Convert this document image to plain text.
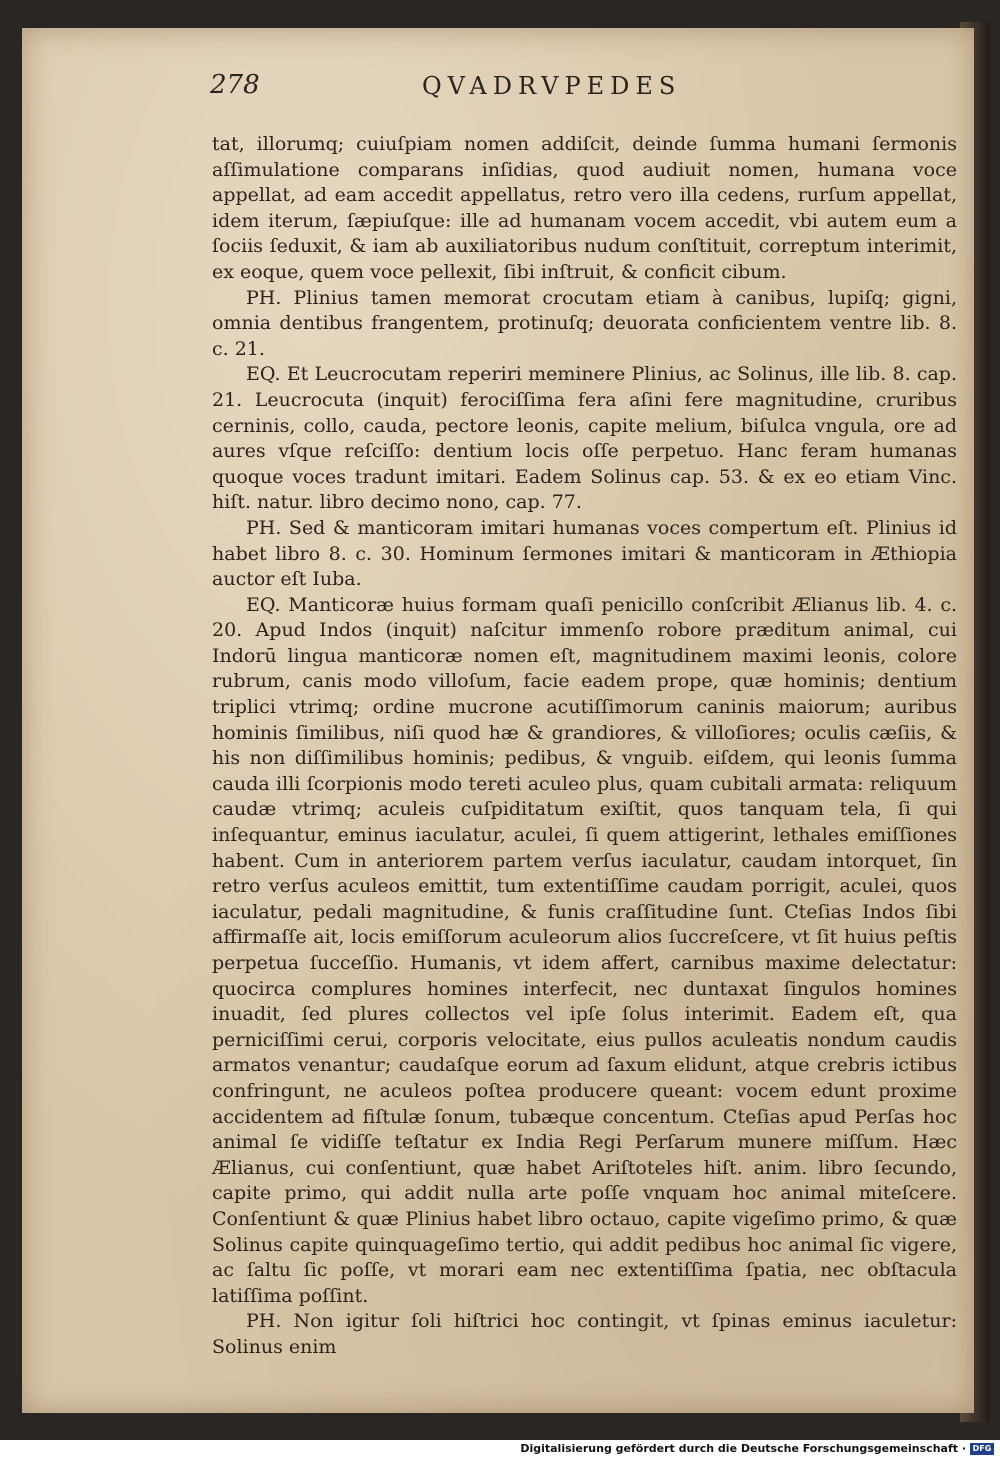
278	QVADRVPEDES

tat, illorumq; cuiuſpiam nomen addiſcit, deinde ſumma humani ſermonis aſſimulatione comparans inſidias, quod audiuit nomen, humana voce appellat, ad eam accedit appellatus, retro vero illa cedens, rurſum appellat, idem iterum, ſæpiuſque: ille ad humanam vocem accedit, vbi autem eum a ſociis ſeduxit, & iam ab auxiliatoribus nudum conſtituit, correptum interimit, ex eoque, quem voce pellexit, ſibi inſtruit, & conficit cibum.

PH. Plinius tamen memorat crocutam etiam à canibus, lupiſq; gigni, omnia dentibus frangentem, protinuſq; deuorata conficientem ventre lib. 8. c. 21.

EQ. Et Leucrocutam reperiri meminere Plinius, ac Solinus, ille lib. 8. cap. 21. Leucrocuta (inquit) ferociſſima fera aſini fere magnitudine, cruribus cerninis, collo, cauda, pectore leonis, capite melium, biſulca vngula, ore ad aures vſque reſciſſo: dentium locis oſſe perpetuo. Hanc feram humanas quoque voces tradunt imitari. Eadem Solinus cap. 53. & ex eo etiam Vinc. hiſt. natur. libro decimo nono, cap. 77.

PH. Sed & manticoram imitari humanas voces compertum eſt. Plinius id habet libro 8. c. 30. Hominum ſermones imitari & manticoram in Æthiopia auctor eſt Iuba.

EQ. Manticoræ huius formam quaſi penicillo conſcribit Ælianus lib. 4. c. 20. Apud Indos (inquit) naſcitur immenſo robore præditum animal, cui Indorū lingua manticoræ nomen eſt, magnitudinem maximi leonis, colore rubrum, canis modo villoſum, facie eadem prope, quæ hominis; dentium triplici vtrimq; ordine mucrone acutiſſimorum caninis maiorum; auribus hominis ſimilibus, niſi quod hæ & grandiores, & villoſiores; oculis cæſiis, & his non diſſimilibus hominis; pedibus, & vnguib. eiſdem, qui leonis ſumma cauda illi ſcorpionis modo tereti aculeo plus, quam cubitali armata: reliquum caudæ vtrimq; aculeis cuſpiditatum exiſtit, quos tanquam tela, ſi qui inſequantur, eminus iaculatur, aculei, ſi quem attigerint, lethales emiſſiones habent. Cum in anteriorem partem verſus iaculatur, caudam intorquet, ſin retro verſus aculeos emittit, tum extentiſſime caudam porrigit, aculei, quos iaculatur, pedali magnitudine, & funis craſſitudine ſunt. Cteſias Indos ſibi affirmaſſe ait, locis emiſſorum aculeorum alios ſuccreſcere, vt ſit huius peſtis perpetua ſucceſſio. Humanis, vt idem affert, carnibus maxime delectatur: quocirca complures homines interfecit, nec duntaxat ſingulos homines inuadit, ſed plures collectos vel ipſe ſolus interimit. Eadem eſt, qua perniciſſimi cerui, corporis velocitate, eius pullos aculeatis nondum caudis armatos venantur; caudaſque eorum ad ſaxum elidunt, atque crebris ictibus confringunt, ne aculeos poſtea producere queant: vocem edunt proxime accidentem ad fiſtulæ ſonum, tubæque concentum. Cteſias apud Perſas hoc animal ſe vidiſſe teſtatur ex India Regi Perſarum munere miſſum. Hæc Ælianus, cui conſentiunt, quæ habet Ariſtoteles hiſt. anim. libro ſecundo, capite primo, qui addit nulla arte poſſe vnquam hoc animal miteſcere. Conſentiunt & quæ Plinius habet libro octauo, capite vigeſimo primo, & quæ Solinus capite quinquageſimo tertio, qui addit pedibus hoc animal ſic vigere, ac ſaltu ſic poſſe, vt morari eam nec extentiſſima ſpatia, nec obſtacula latiſſima poſſint.

PH. Non igitur ſoli hiſtrici hoc contingit, vt ſpinas eminus iaculetur: Solinus enim

Digitalisierung gefördert durch die Deutsche Forschungsgemeinschaft · DFG
